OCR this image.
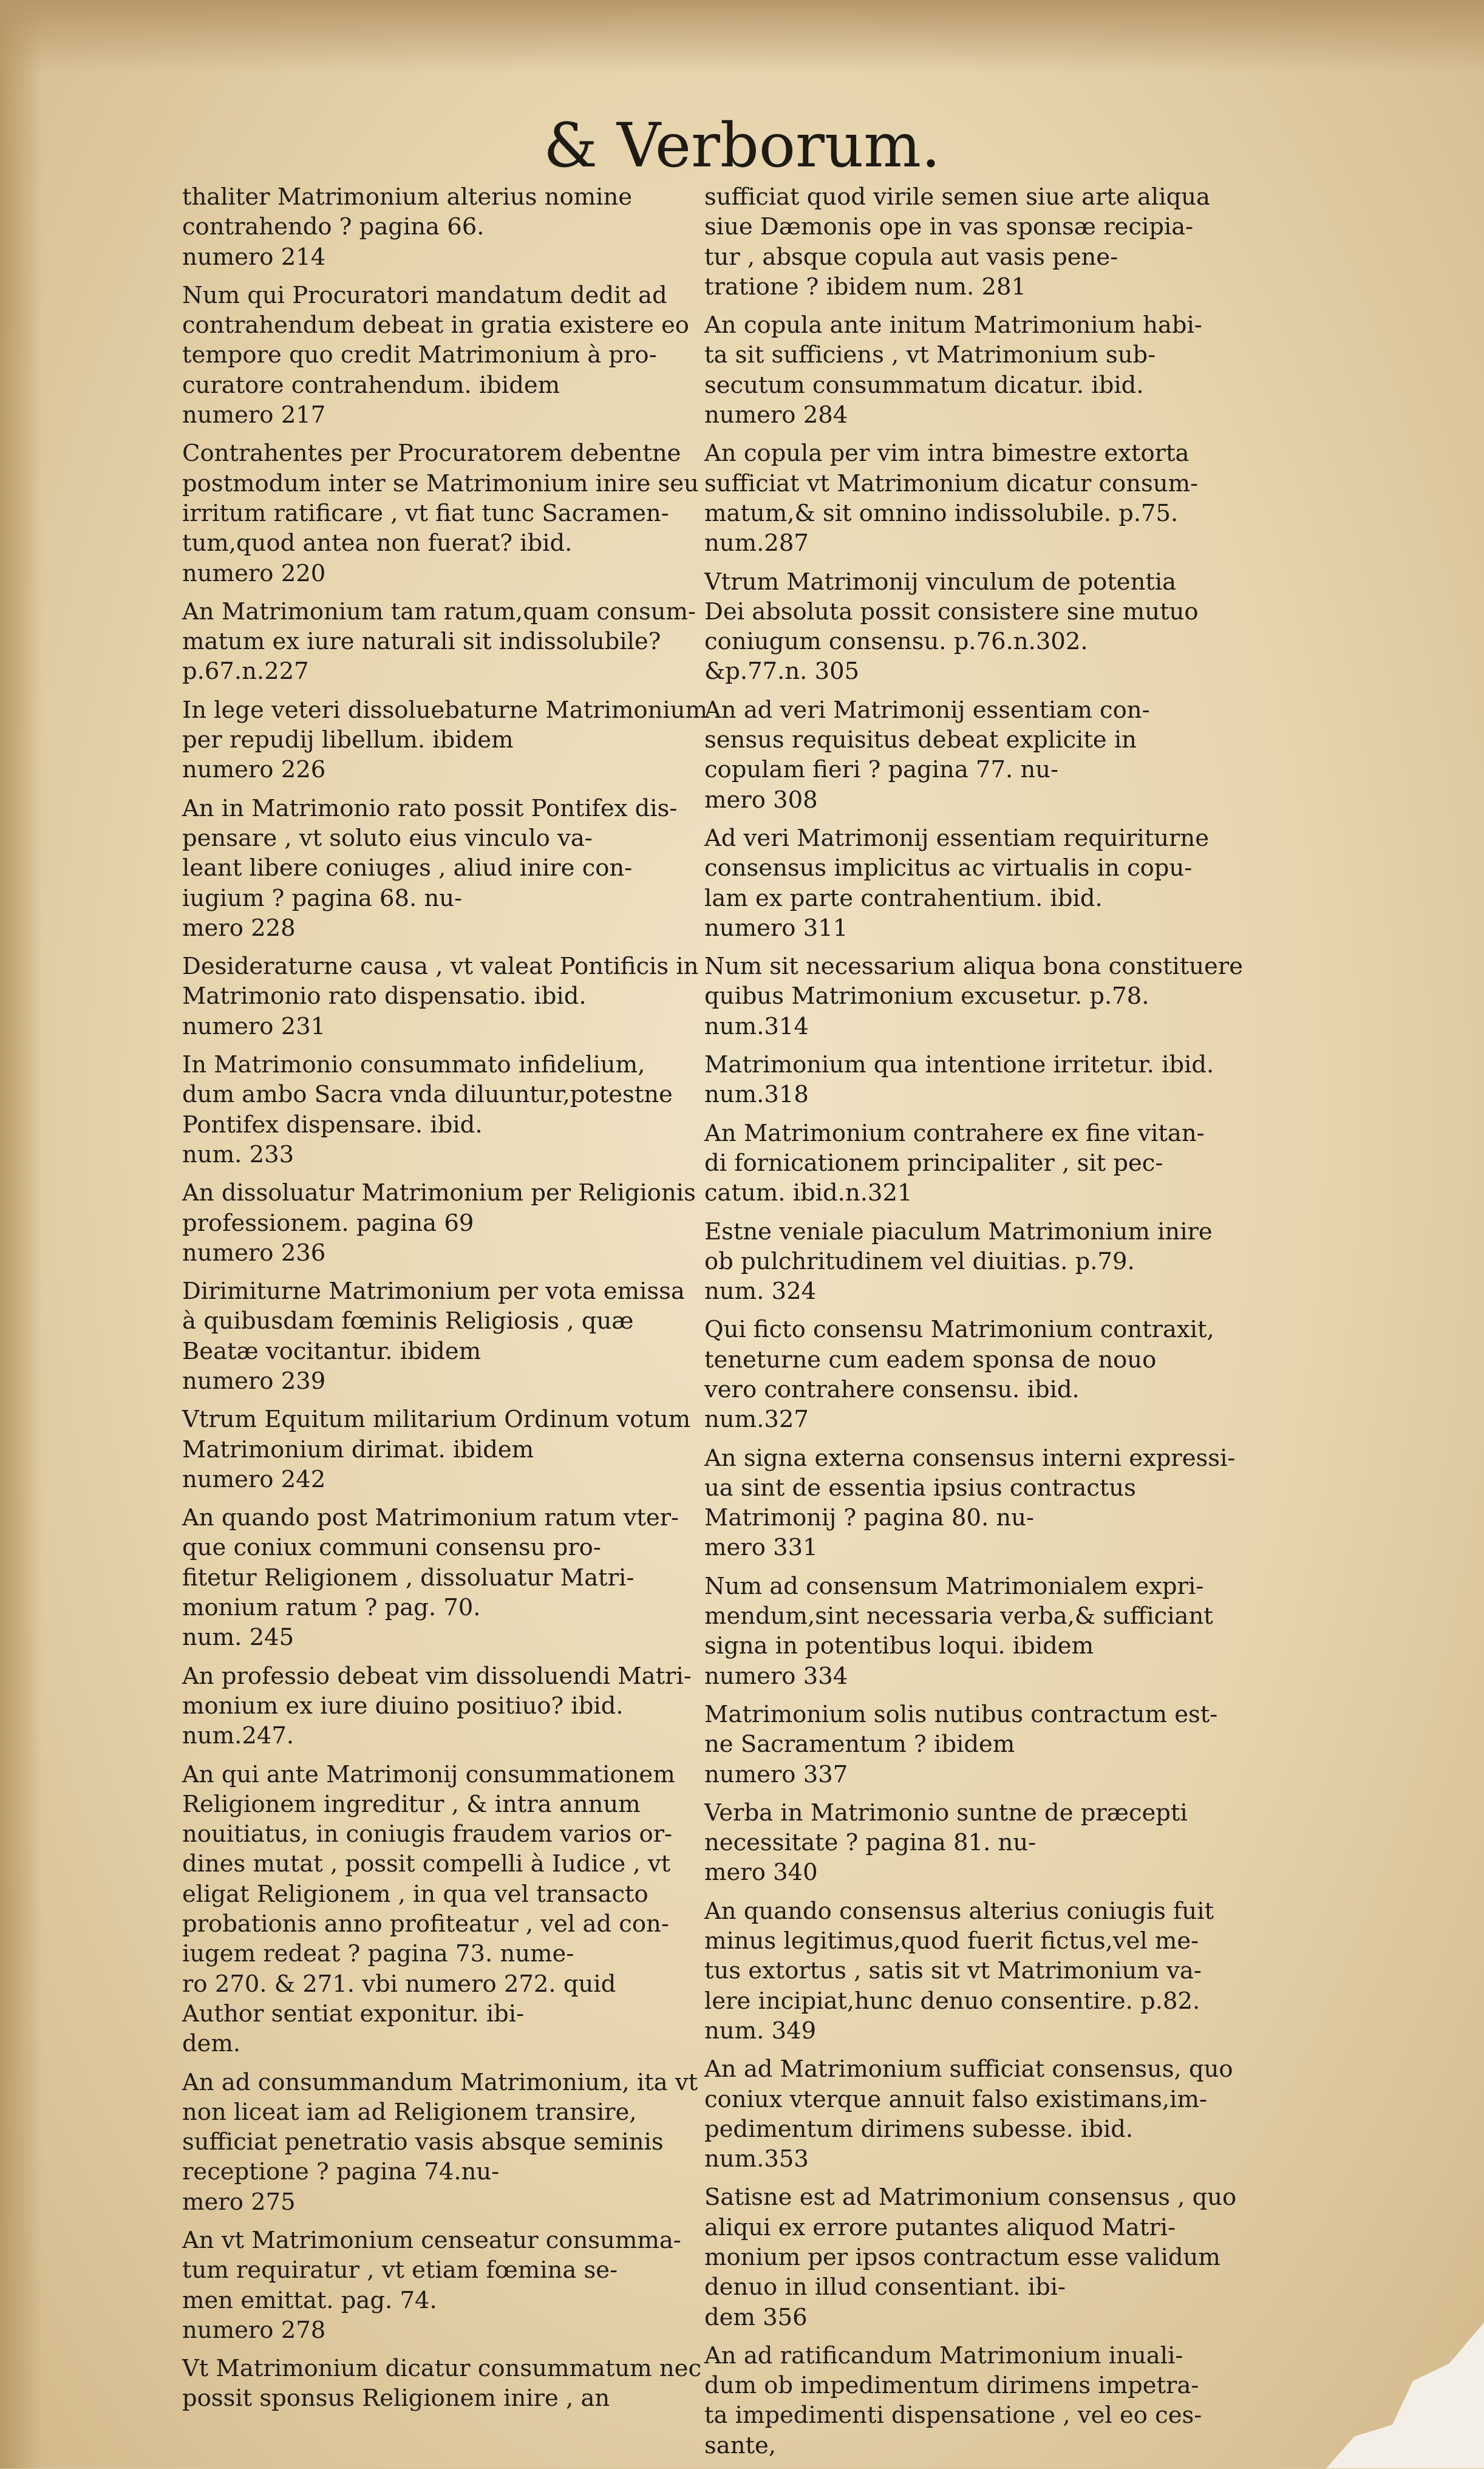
& Verborum.
thaliter Matrimonium alterius nomine
contrahendo ? pagina 66.
numero 214
Num qui Procuratori mandatum dedit ad
contrahendum debeat in gratia existere eo
tempore quo credit Matrimonium à pro-
curatore contrahendum. ibidem
numero 217
Contrahentes per Procuratorem debentne
postmodum inter se Matrimonium inire seu
irritum ratificare , vt fiat tunc Sacramen-
tum,quod antea non fuerat? ibid.
numero 220
An Matrimonium tam ratum,quam consum-
matum ex iure naturali sit indissolubile?
p.67.n.227
In lege veteri dissoluebaturne Matrimonium
per repudij libellum. ibidem
numero 226
An in Matrimonio rato possit Pontifex dis-
pensare , vt soluto eius vinculo va-
leant libere coniuges , aliud inire con-
iugium ? pagina 68. nu-
mero 228
Desideraturne causa , vt valeat Pontificis in
Matrimonio rato dispensatio. ibid.
numero 231
In Matrimonio consummato infidelium,
dum ambo Sacra vnda diluuntur,potestne
Pontifex dispensare. ibid.
num. 233
An dissoluatur Matrimonium per Religionis
professionem. pagina 69
numero 236
Dirimiturne Matrimonium per vota emissa
à quibusdam fœminis Religiosis , quæ
Beatæ vocitantur. ibidem
numero 239
Vtrum Equitum militarium Ordinum votum
Matrimonium dirimat. ibidem
numero 242
An quando post Matrimonium ratum vter-
que coniux communi consensu pro-
fitetur Religionem , dissoluatur Matri-
monium ratum ? pag. 70.
num. 245
An professio debeat vim dissoluendi Matri-
monium ex iure diuino positiuo? ibid.
num.247.
An qui ante Matrimonij consummationem
Religionem ingreditur , & intra annum
nouitiatus, in coniugis fraudem varios or-
dines mutat , possit compelli à Iudice , vt
eligat Religionem , in qua vel transacto
probationis anno profiteatur , vel ad con-
iugem redeat ? pagina 73. nume-
ro 270. & 271. vbi numero 272. quid
Author sentiat exponitur. ibi-
dem.
An ad consummandum Matrimonium, ita vt
non liceat iam ad Religionem transire,
sufficiat penetratio vasis absque seminis
receptione ? pagina 74.nu-
mero 275
An vt Matrimonium censeatur consumma-
tum requiratur , vt etiam fœmina se-
men emittat. pag. 74.
numero 278
Vt Matrimonium dicatur consummatum nec
possit sponsus Religionem inire , an
sufficiat quod virile semen siue arte aliqua
siue Dæmonis ope in vas sponsæ recipia-
tur , absque copula aut vasis pene-
tratione ? ibidem num. 281
An copula ante initum Matrimonium habi-
ta sit sufficiens , vt Matrimonium sub-
secutum consummatum dicatur. ibid.
numero 284
An copula per vim intra bimestre extorta
sufficiat vt Matrimonium dicatur consum-
matum,& sit omnino indissolubile. p.75.
num.287
Vtrum Matrimonij vinculum de potentia
Dei absoluta possit consistere sine mutuo
coniugum consensu. p.76.n.302.
&p.77.n. 305
An ad veri Matrimonij essentiam con-
sensus requisitus debeat explicite in
copulam fieri ? pagina 77. nu-
mero 308
Ad veri Matrimonij essentiam requiriturne
consensus implicitus ac virtualis in copu-
lam ex parte contrahentium. ibid.
numero 311
Num sit necessarium aliqua bona constituere
quibus Matrimonium excusetur. p.78.
num.314
Matrimonium qua intentione irritetur. ibid.
num.318
An Matrimonium contrahere ex fine vitan-
di fornicationem principaliter , sit pec-
catum. ibid.n.321
Estne veniale piaculum Matrimonium inire
ob pulchritudinem vel diuitias. p.79.
num. 324
Qui ficto consensu Matrimonium contraxit,
teneturne cum eadem sponsa de nouo
vero contrahere consensu. ibid.
num.327
An signa externa consensus interni expressi-
ua sint de essentia ipsius contractus
Matrimonij ? pagina 80. nu-
mero 331
Num ad consensum Matrimonialem expri-
mendum,sint necessaria verba,& sufficiant
signa in potentibus loqui. ibidem
numero 334
Matrimonium solis nutibus contractum est-
ne Sacramentum ? ibidem
numero 337
Verba in Matrimonio suntne de præcepti
necessitate ? pagina 81. nu-
mero 340
An quando consensus alterius coniugis fuit
minus legitimus,quod fuerit fictus,vel me-
tus extortus , satis sit vt Matrimonium va-
lere incipiat,hunc denuo consentire. p.82.
num. 349
An ad Matrimonium sufficiat consensus, quo
coniux vterque annuit falso existimans,im-
pedimentum dirimens subesse. ibid.
num.353
Satisne est ad Matrimonium consensus , quo
aliqui ex errore putantes aliquod Matri-
monium per ipsos contractum esse validum
denuo in illud consentiant. ibi-
dem 356
An ad ratificandum Matrimonium inuali-
dum ob impedimentum dirimens impetra-
ta impedimenti dispensatione , vel eo ces-
sante,
